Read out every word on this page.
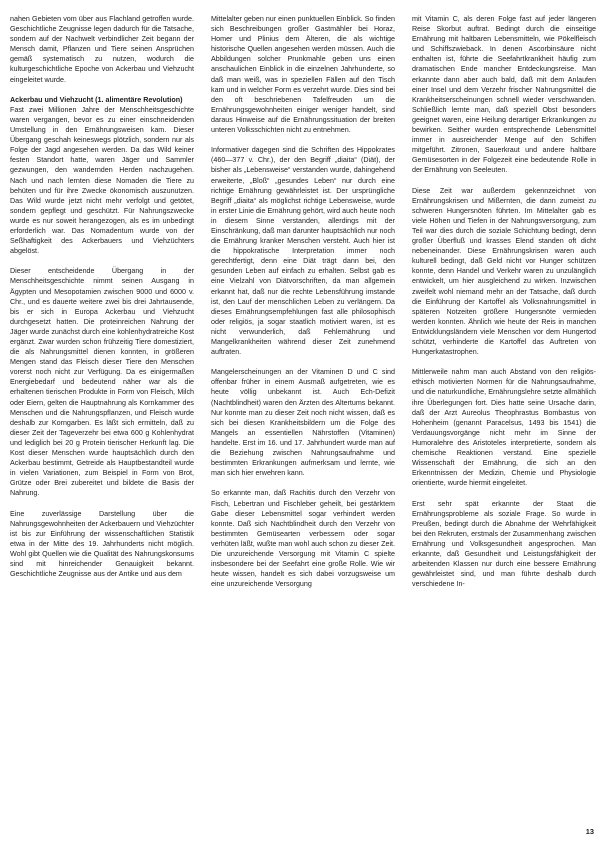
nahen Gebieten vom über aus Flachland getroffen wurde. Geschichtliche Zeugnisse legen dadurch für die Tatsache, sondern auf der Nachwelt verbindlicher Zeit begann der Mensch damit, Pflanzen und Tiere seinen Ansprüchen gemäß systematisch zu nutzen, wodurch die kulturgeschichtliche Epoche von Ackerbau und Viehzucht eingeleitet wurde.

Ackerbau und Viehzucht (1. alimentäre Revolution)

Fast zwei Millionen Jahre der Menschheitsgeschichte waren vergangen, bevor es zu einer einschneidenden Umstellung in den Ernährungsweisen kam. Dieser Übergang geschah keineswegs plötzlich, sondern nur als Folge der Jagd angesehen werden. Da das Wild keiner festen Standort hatte, waren Jäger und Sammler gezwungen, den wandernden Herden nachzugehen. Nach und nach lernten diese Nomaden die Tiere zu behüten und für ihre Zwecke ökonomisch auszunutzen. Das Wild wurde jetzt nicht mehr verfolgt und getötet, sondern gepflegt und geschützt. Für Nahrungszwecke wurde es nur soweit herangezogen, als es im unbedingt erforderlich war. Das Nomadentum wurde von der Seßhaftigkeit des Ackerbauers und Viehzüchters abgelöst.

Dieser entscheidende Übergang in der Menschheitsgeschichte nimmt seinen Ausgang in Ägypten und Mesopotamien zwischen 9000 und 6000 v. Chr., und es dauerte weitere zwei bis drei Jahrtausende, bis er sich in Europa Ackerbau und Viehzucht durchgesetzt hatten. Die proteinreichen Nahrung der Jäger wurde zunächst durch eine kohlenhydratreiche Kost ergänzt. Zwar wurden schon frühzeitig Tiere domestiziert, die als Nahrungsmittel dienen konnten, in größeren Mengen stand das Fleisch dieser Tiere den Menschen vorerst noch nicht zur Verfügung. Da es einigermaßen Energiebedarf und bedeutend näher war als die erhaltenen tierischen Produkte in Form von Fleisch, Milch oder Eiern, gelten die Hauptnahrung als Kornkammer des Menschen und die Nahrungspflanzen, und Fleisch wurde deshalb zur Korngarben. Es läßt sich ermitteln, daß zu dieser Zeit der Tageverzehr bei etwa 600 g Kohlenhydrat und lediglich bei 20 g Protein tierischer Herkunft lag. Die Kost dieser Menschen wurde hauptsächlich durch den Ackerbau bestimmt, Getreide als Hauptbestandteil wurde in vielen Variationen, zum Beispiel in Form von Brot, Grütze oder Brei zubereitet und bildete die Basis der Nahrung.

Eine zuverlässige Darstellung über die Nahrungsgewohnheiten der Ackerbauern und Viehzüchter ist bis zur Einführung der wissenschaftlichen Statistik etwa in der Mitte des 19. Jahrhunderts nicht möglich. Wohl gibt Quellen wie die Qualität des Nahrungskonsums sind mit hinreichender Genauigkeit bekannt. Geschichtliche Zeugnisse aus der Antike und aus dem

Mittelalter geben nur einen punktuellen Einblick. So finden sich Beschreibungen großer Gastmähler bei Horaz, Homer und Plinius dem Älteren, die als wichtige historische Quellen angesehen werden müssen. Auch die Abbildungen solcher Prunkmahle geben uns einen anschaulichen Einblick in die einzelnen Jahrhunderte, so daß man weiß, was in speziellen Fällen auf den Tisch kam und in welcher Form es verzehrt wurde. Dies sind bei den oft beschriebenen Tafelfreuden um die Ernährungsgewohnheiten einiger weniger handelt, sind daraus Hinweise auf die Ernährungssituation der breiten unteren Volksschichten nicht zu entnehmen.

Informativer dagegen sind die Schriften des Hippokrates (460—377 v. Chr.), der den Begriff „diaita“ (Diät), der bisher als „Lebensweise“ verstanden wurde, dahingehend erweiterte, „Bloß“ „gesundes Leben“ nur durch eine richtige Ernährung gewährleistet ist. Der ursprüngliche Begriff „diaita“ als möglichst richtige Lebensweise, wurde in erster Linie die Ernährung gehört, wird auch heute noch in diesem Sinne verstanden, allerdings mit der Einschränkung, daß man darunter hauptsächlich nur noch die Ernährung kranker Menschen versteht. Auch hier ist die hippokratische Interpretation immer noch gerechtfertigt, denn eine Diät trägt dann bei, den gesunden Leben auf einfach zu erhalten. Selbst gab es eine Vielzahl von Diätvorschriften, da man allgemein erkannt hat, daß nur die rechte Lebensführung imstande ist, den Lauf der menschlichen Leben zu verlängern. Da dieses Ernährungsempfehlungen fast alle philosophisch oder religiös, ja sogar staatlich motiviert waren, ist es nicht verwunderlich, daß Fehlernährung und Mangelkrankheiten während dieser Zeit zunehmend auftraten.

Mangelerscheinungen an der Vitaminen D und C sind offenbar früher in einem Ausmaß aufgetreten, wie es heute völlig unbekannt ist. Auch Ech-Defizit (Nachtblindheit) waren den Ärzten des Altertums bekannt. Nur konnte man zu dieser Zeit noch nicht wissen, daß es sich bei diesen Krankheitsbildern um die Folge des Mangels an essentiellen Nährstoffen (Vitaminen) handelte. Erst im 16. und 17. Jahrhundert wurde man auf die Beziehung zwischen Nahrungsaufnahme und bestimmten Erkrankungen aufmerksam und lernte, wie man sich hier erwehren kann.

So erkannte man, daß Rachitis durch den Verzehr von Fisch, Lebertran und Fischleber geheilt, bei gestärktem Gabe dieser Lebensmittel sogar verhindert werden konnte. Daß sich Nachtblindheit durch den Verzehr von bestimmten Gemüsearten verbessern oder sogar verhüten läßt, wußte man wohl auch schon zu dieser Zeit. Die unzureichende Versorgung mit Vitamin C spielte insbesondere bei der Seefahrt eine große Rolle. Wie wir heute wissen, handelt es sich dabei vorzugsweise um eine unzureichende Versorgung

mit Vitamin C, als deren Folge fast auf jeder längeren Reise Skorbut auftrat. Bedingt durch die einseitige Ernährung mit haltbaren Lebensmitteln, wie Pökelfleisch und Schiffszwieback. In denen Ascorbinsäure nicht enthalten ist, führte die Seefahrtkrankheit häufig zum dramatischen Ende mancher Entdeckungsreise. Man erkannte dann aber auch bald, daß mit dem Anlaufen einer Insel und dem Verzehr frischer Nahrungsmittel die Krankheitserscheinungen schnell wieder verschwanden. Schließlich lernte man, daß speziell Obst besonders geeignet waren, eine Heilung derartiger Erkrankungen zu bewirken. Seither wurden entsprechende Lebensmittel immer in ausreichender Menge auf den Schiffen mitgeführt. Zitronen, Sauerkraut und andere haltbare Gemüsesorten in der Folgezeit eine bedeutende Rolle in der Ernährung von Seeleuten.

Diese Zeit war außerdem gekennzeichnet von Ernährungskrisen und Mißernten, die dann zumeist zu schweren Hungersnöten führten. Im Mittelalter gab es viele Höhen und Tiefen in der Nahrungsversorgung, zum Teil war dies durch die soziale Schichtung bedingt, denn großer Überfluß und krasses Elend standen oft dicht nebeneinander. Diese Ernährungskrisen waren auch kulturell bedingt, daß Geld nicht vor Hunger schützen konnte, denn Handel und Verkehr waren zu unzulänglich entwickelt, um hier ausgleichend zu wirken. Inzwischen zweifelt wohl niemand mehr an der Tatsache, daß durch die Einführung der Kartoffel als Volksnahrungsmittel in späteren Notzeiten größere Hungersnöte vermieden werden konnten. Ähnlich wie heute der Reis in manchen Entwicklungsländern viele Menschen vor dem Hungertod schützt, verhinderte die Kartoffel das Auftreten von Hungerkatastrophen.

Mittlerweile nahm man auch Abstand von den religiös-ethisch motivierten Normen für die Nahrungsaufnahme, und die naturkundliche, Ernährungslehre setzte allmählich ihre Überlegungen fort. Dies hatte seine Ursache darin, daß der Arzt Aureolus Theophrastus Bombastus von Hohenheim (genannt Paracelsus, 1493 bis 1541) die Verdauungsvorgänge nicht mehr im Sinne der Humoralehre des Aristoteles interpretierte, sondern als chemische Reaktionen verstand. Eine spezielle Wissenschaft der Ernährung, die sich an den Erkenntnissen der Medizin, Chemie und Physiologie orientierte, wurde hiermit eingeleitet.

Erst sehr spät erkannte der Staat die Ernährungsprobleme als soziale Frage. So wurde in Preußen, bedingt durch die Abnahme der Wehrfähigkeit bei den Rekruten, erstmals der Zusammenhang zwischen Ernährung und Volksgesundheit angesprochen. Man erkannte, daß Gesundheit und Leistungsfähigkeit der arbeitenden Klassen nur durch eine bessere Ernährung gewährleistet sind, und man führte deshalb durch verschiedene In-

13
